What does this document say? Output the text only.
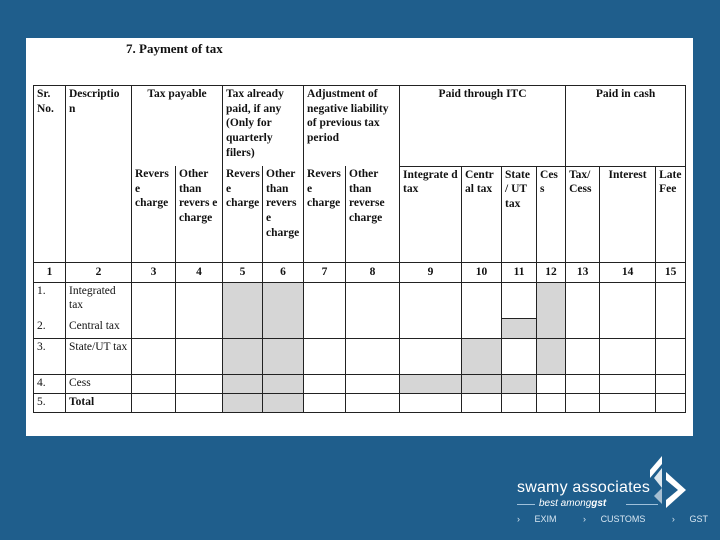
7. Payment of tax
Sr. No.	Descriptio n	Tax payable		Tax already paid, if any (Only for quarterly filers)		Adjustment of negative liability of previous tax period		Paid through ITC				Paid in cash		
		Revers e charge	Other than revers e charge	Revers e charge	Other than revers e charge	Revers e charge	Other than reverse charge	Integrate d tax	Centr al tax	State / UT tax	Ces s	Tax/ Cess	Interest	Late Fee
1	2	3	4	5	6	7	8	9	10	11	12	13	14	15
1.	Integrated tax													
2.	Central tax													
3.	State/UT tax													
4.	Cess													
5.	Total													
swamy associates
best amonggst
› EXIM	› CUSTOMS	› GST
